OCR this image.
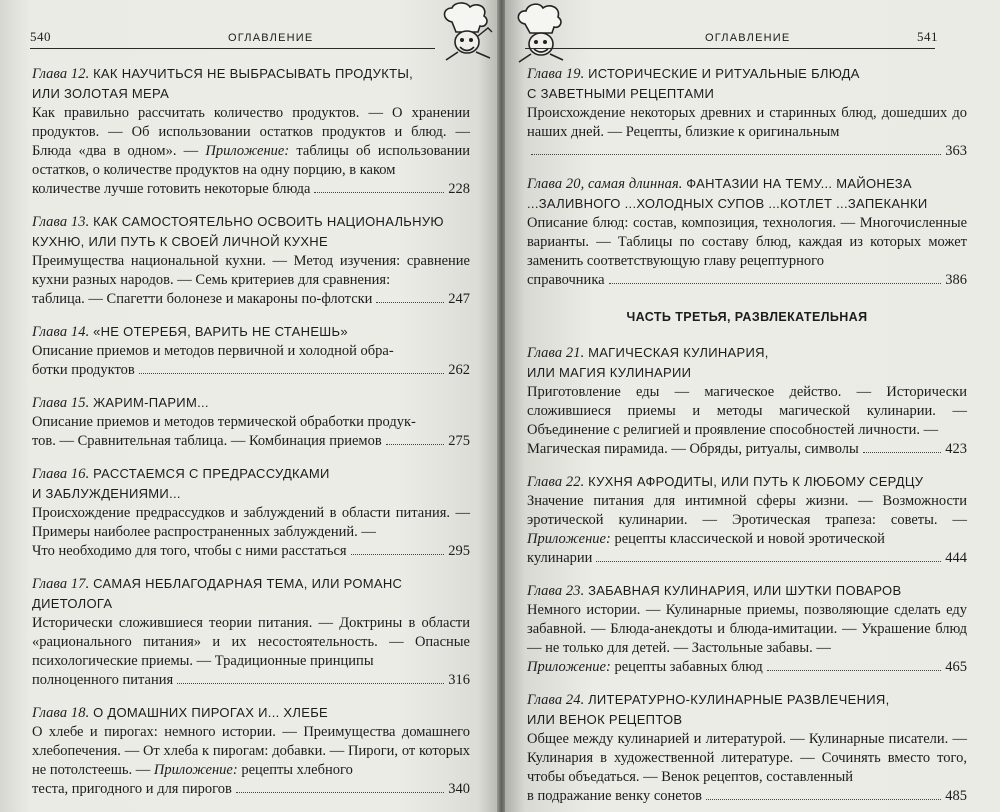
540	ОГЛАВЛЕНИЕ
Глава 12. КАК НАУЧИТЬСЯ НЕ ВЫБРАСЫВАТЬ ПРОДУКТЫ,
ИЛИ ЗОЛОТАЯ МЕРА
Как правильно рассчитать количество продуктов. — О хранении продуктов. — Об использовании остатков продуктов и блюд. — Блюда «два в одном». — Приложение: таблицы об использовании остатков, о количестве продуктов на одну порцию, в каком
количестве лучше готовить некоторые блюда	228
Глава 13. КАК САМОСТОЯТЕЛЬНО ОСВОИТЬ НАЦИОНАЛЬНУЮ
КУХНЮ, ИЛИ ПУТЬ К СВОЕЙ ЛИЧНОЙ КУХНЕ
Преимущества национальной кухни. — Метод изучения: сравнение кухни разных народов. — Семь критериев для сравнения:
таблица. — Спагетти болонезе и макароны по-флотски	247
Глава 14. «НЕ ОТЕРЕБЯ, ВАРИТЬ НЕ СТАНЕШЬ»
Описание приемов и методов первичной и холодной обра-
ботки продуктов	262
Глава 15. ЖАРИМ-ПАРИМ...
Описание приемов и методов термической обработки продук-
тов. — Сравнительная таблица. — Комбинация приемов	275
Глава 16. РАССТАЕМСЯ С ПРЕДРАССУДКАМИ
И ЗАБЛУЖДЕНИЯМИ...
Происхождение предрассудков и заблуждений в области питания. — Примеры наиболее распространенных заблуждений. —
Что необходимо для того, чтобы с ними расстаться	295
Глава 17. САМАЯ НЕБЛАГОДАРНАЯ ТЕМА, ИЛИ РОМАНС
ДИЕТОЛОГА
Исторически сложившиеся теории питания. — Доктрины в области «рационального питания» и их несостоятельность. — Опасные психологические приемы. — Традиционные принципы
полноценного питания	316
Глава 18. О ДОМАШНИХ ПИРОГАХ И... ХЛЕБЕ
О хлебе и пирогах: немного истории. — Преимущества домашнего хлебопечения. — От хлеба к пирогам: добавки. — Пироги, от которых не потолстеешь. — Приложение: рецепты хлебного
теста, пригодного и для пирогов	340
ОГЛАВЛЕНИЕ	541
Глава 19. ИСТОРИЧЕСКИЕ И РИТУАЛЬНЫЕ БЛЮДА
С ЗАВЕТНЫМИ РЕЦЕПТАМИ
Происхождение некоторых древних и старинных блюд, дошедших до наших дней. — Рецепты, близкие к оригинальным
363
Глава 20, самая длинная. ФАНТАЗИИ НА ТЕМУ... МАЙОНЕЗА
...ЗАЛИВНОГО ...ХОЛОДНЫХ СУПОВ ...КОТЛЕТ ...ЗАПЕКАНКИ
Описание блюд: состав, композиция, технология. — Многочисленные варианты. — Таблицы по составу блюд, каждая из которых может заменить соответствующую главу рецептурного
справочника	386
ЧАСТЬ ТРЕТЬЯ, РАЗВЛЕКАТЕЛЬНАЯ
Глава 21. МАГИЧЕСКАЯ КУЛИНАРИЯ,
ИЛИ МАГИЯ КУЛИНАРИИ
Приготовление еды — магическое действо. — Исторически сложившиеся приемы и методы магической кулинарии. — Объединение с религией и проявление способностей личности. —
Магическая пирамида. — Обряды, ритуалы, символы	423
Глава 22. КУХНЯ АФРОДИТЫ, ИЛИ ПУТЬ К ЛЮБОМУ СЕРДЦУ
Значение питания для интимной сферы жизни. — Возможности эротической кулинарии. — Эротическая трапеза: советы. — Приложение: рецепты классической и новой эротической
кулинарии	444
Глава 23. ЗАБАВНАЯ КУЛИНАРИЯ, ИЛИ ШУТКИ ПОВАРОВ
Немного истории. — Кулинарные приемы, позволяющие сделать еду забавной. — Блюда-анекдоты и блюда-имитации. — Украшение блюд — не только для детей. — Застольные забавы. —
Приложение: рецепты забавных блюд	465
Глава 24. ЛИТЕРАТУРНО-КУЛИНАРНЫЕ РАЗВЛЕЧЕНИЯ,
ИЛИ ВЕНОК РЕЦЕПТОВ
Общее между кулинарией и литературой. — Кулинарные писатели. — Кулинария в художественной литературе. — Сочинять вместо того, чтобы объедаться. — Венок рецептов, составленный
в подражание венку сонетов	485
